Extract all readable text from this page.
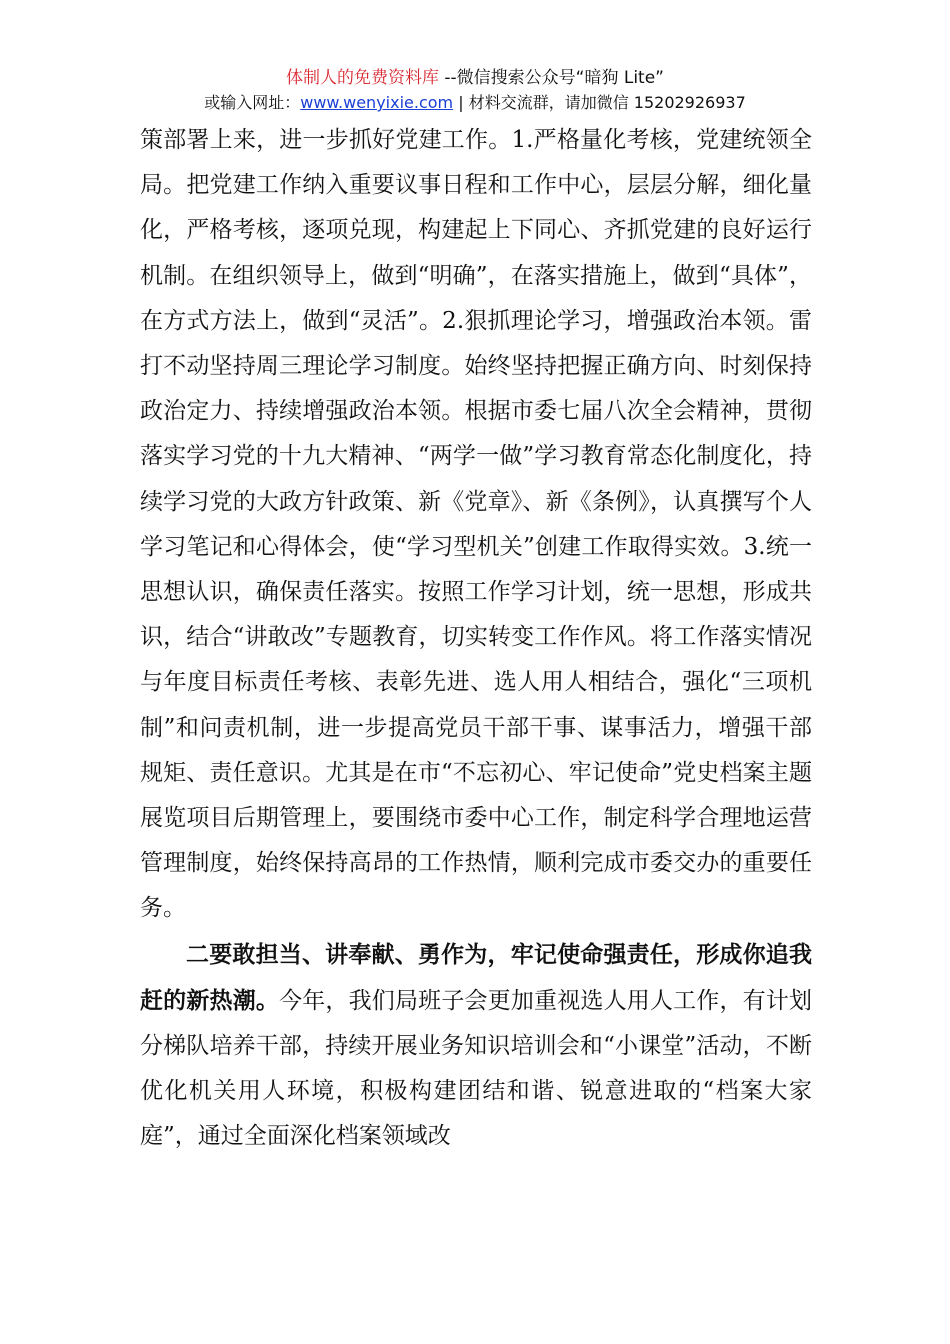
体制人的免费资料库 --微信搜索公众号“暗狗 Lite”
或输入网址：www.wenyixie.com | 材料交流群，请加微信 15202926937

策部署上来，进一步抓好党建工作。1.严格量化考核，党建统领全局。把党建工作纳入重要议事日程和工作中心，层层分解，细化量化，严格考核，逐项兑现，构建起上下同心、齐抓党建的良好运行机制。在组织领导上，做到“明确”，在落实措施上，做到“具体”，在方式方法上，做到“灵活”。2.狠抓理论学习，增强政治本领。雷打不动坚持周三理论学习制度。始终坚持把握正确方向、时刻保持政治定力、持续增强政治本领。根据市委七届八次全会精神，贯彻落实学习党的十九大精神、“两学一做”学习教育常态化制度化，持续学习党的大政方针政策、新《党章》、新《条例》，认真撰写个人学习笔记和心得体会，使“学习型机关”创建工作取得实效。3.统一思想认识，确保责任落实。按照工作学习计划，统一思想，形成共识，结合“讲敢改”专题教育，切实转变工作作风。将工作落实情况与年度目标责任考核、表彰先进、选人用人相结合，强化“三项机制”和问责机制，进一步提高党员干部干事、谋事活力，增强干部规矩、责任意识。尤其是在市“不忘初心、牢记使命”党史档案主题展览项目后期管理上，要围绕市委中心工作，制定科学合理地运营管理制度，始终保持高昂的工作热情，顺利完成市委交办的重要任务。

二要敢担当、讲奉献、勇作为，牢记使命强责任，形成你追我赶的新热潮。今年，我们局班子会更加重视选人用人工作，有计划分梯队培养干部，持续开展业务知识培训会和“小课堂”活动，不断优化机关用人环境，积极构建团结和谐、锐意进取的“档案大家庭”，通过全面深化档案领域改
